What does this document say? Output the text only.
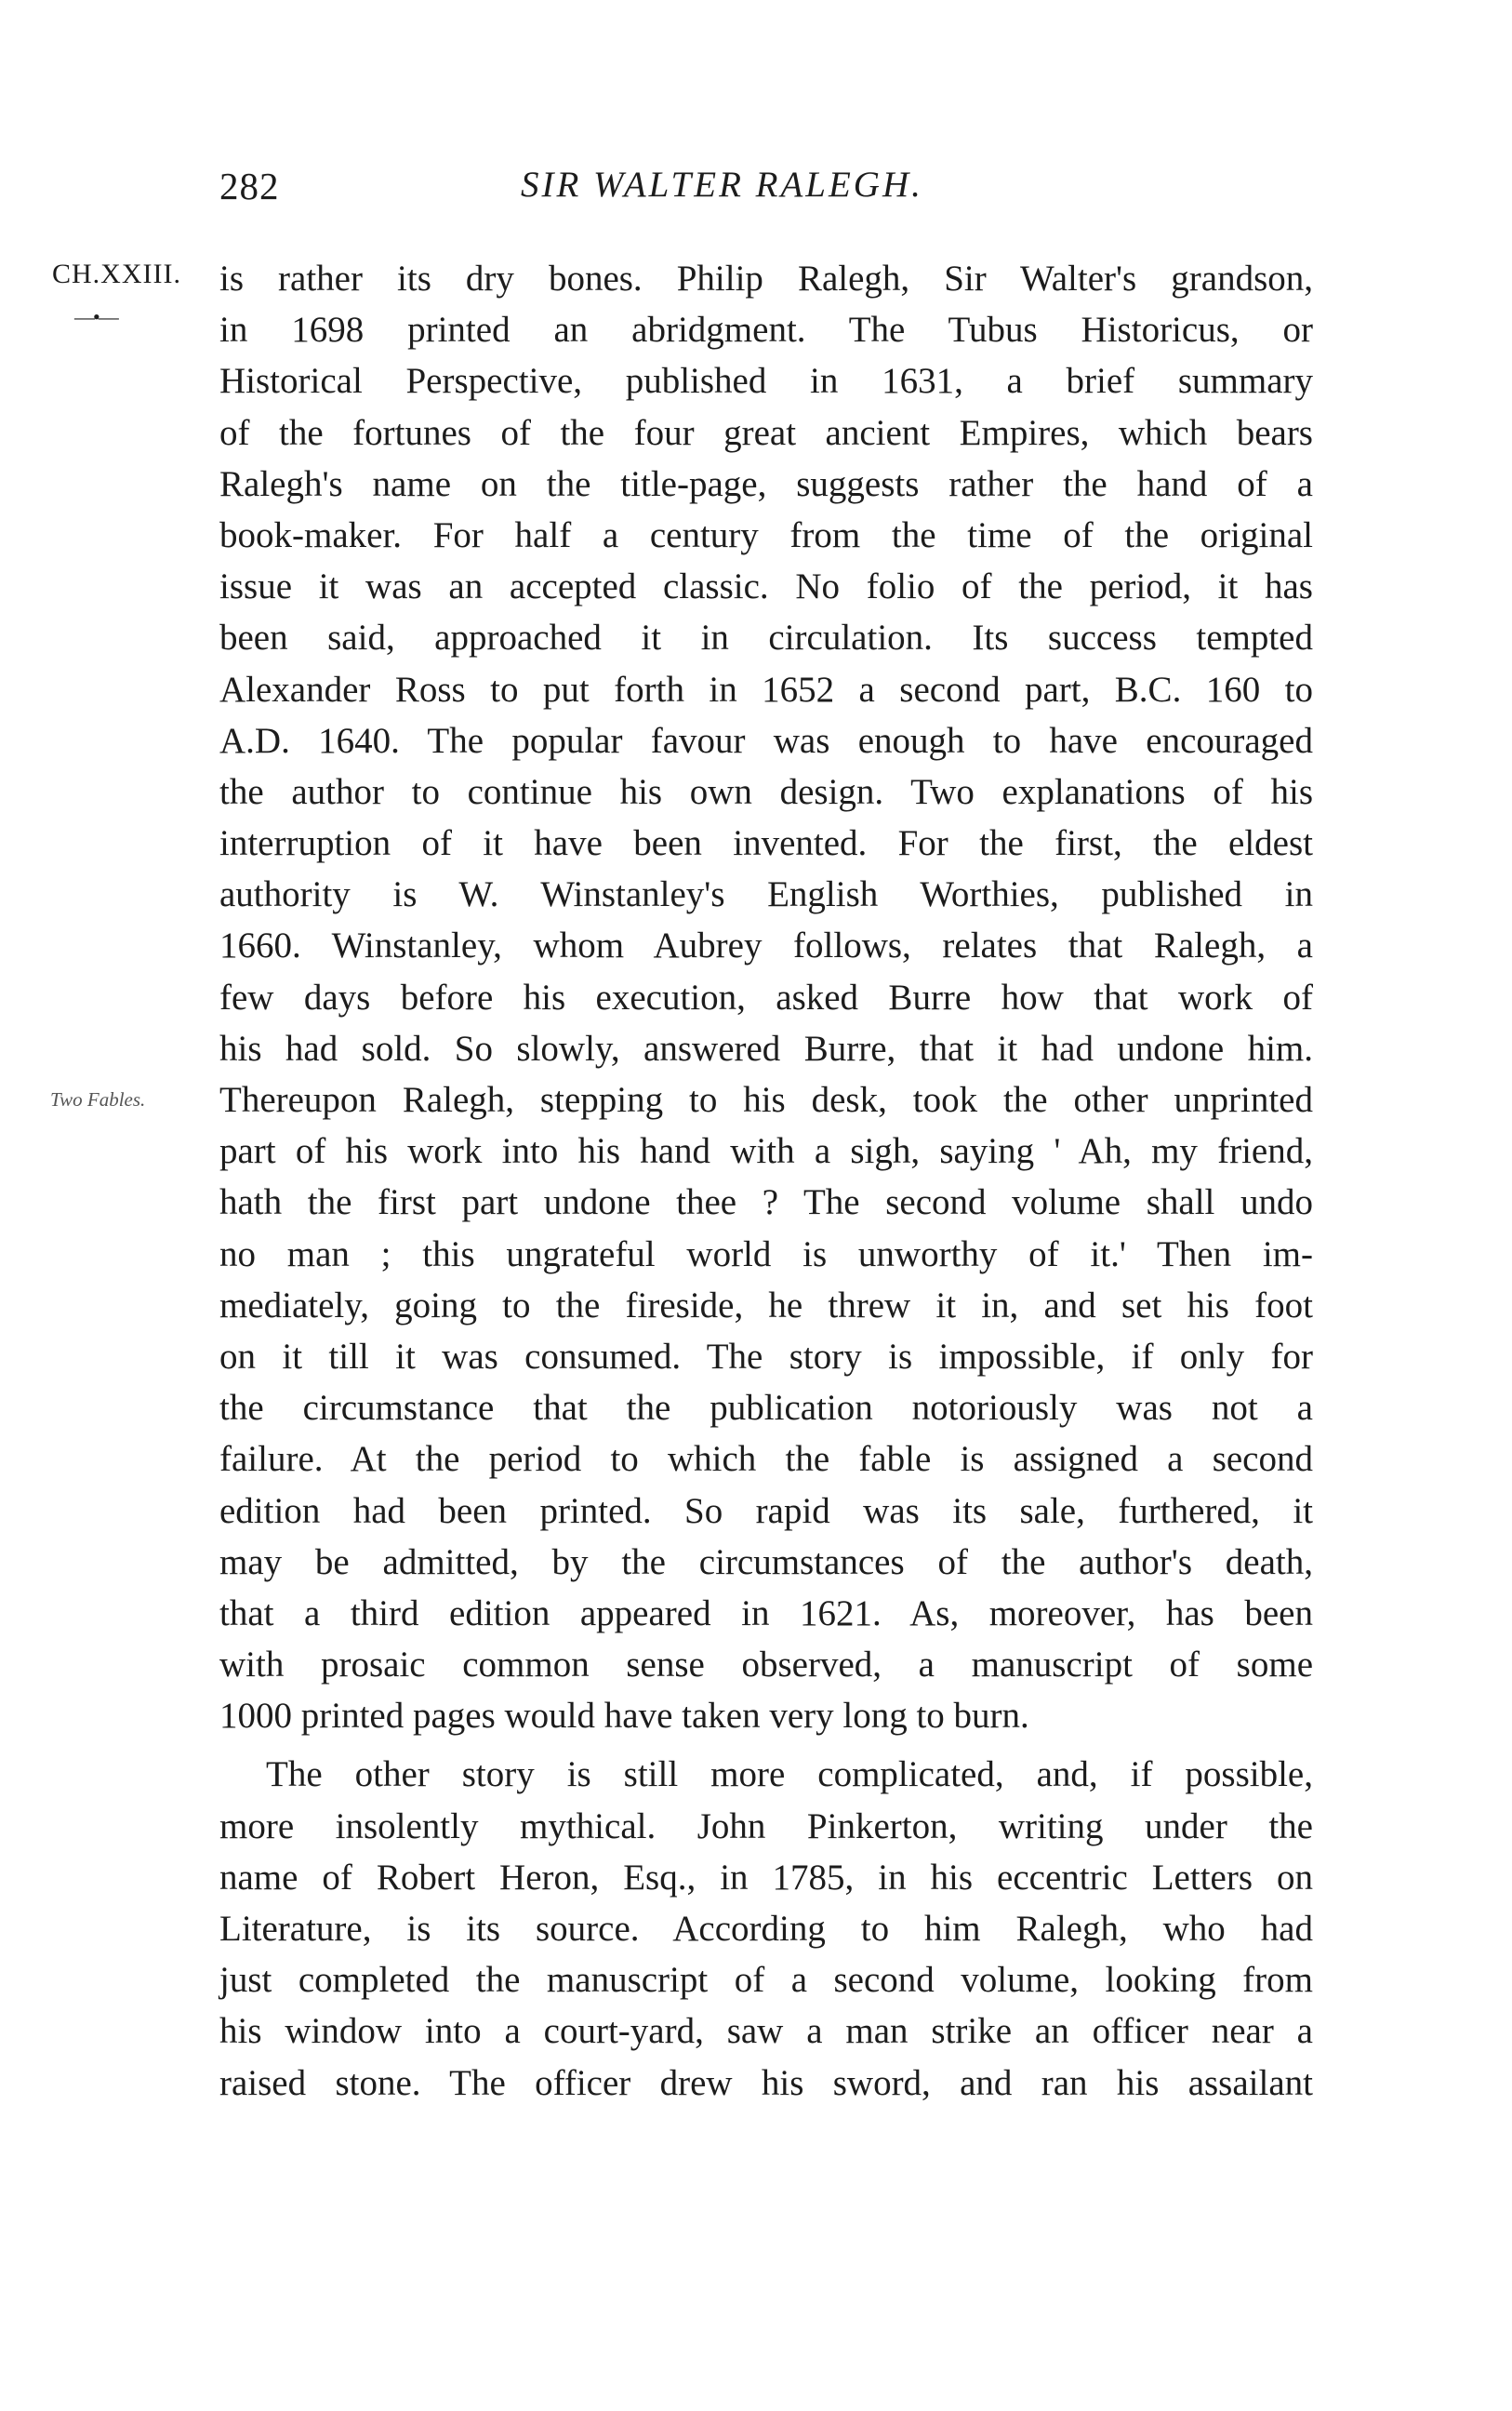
282	SIR WALTER RALEGH.
CH.XXIII.
—•—
Two Fables.
is rather its dry bones. Philip Ralegh, Sir Walter's grandson,
in 1698 printed an abridgment. The Tubus Historicus, or
Historical Perspective, published in 1631, a brief summary
of the fortunes of the four great ancient Empires, which bears
Ralegh's name on the title-page, suggests rather the hand of a
book-maker. For half a century from the time of the original
issue it was an accepted classic. No folio of the period, it has
been said, approached it in circulation. Its success tempted
Alexander Ross to put forth in 1652 a second part, B.C. 160 to
A.D. 1640. The popular favour was enough to have encouraged
the author to continue his own design. Two explanations of his
interruption of it have been invented. For the first, the eldest
authority is W. Winstanley's English Worthies, published in
1660. Winstanley, whom Aubrey follows, relates that Ralegh, a
few days before his execution, asked Burre how that work of
his had sold. So slowly, answered Burre, that it had undone him.
Thereupon Ralegh, stepping to his desk, took the other unprinted
part of his work into his hand with a sigh, saying ' Ah, my friend,
hath the first part undone thee ? The second volume shall undo
no man ; this ungrateful world is unworthy of it.' Then im-
mediately, going to the fireside, he threw it in, and set his foot
on it till it was consumed. The story is impossible, if only for
the circumstance that the publication notoriously was not a
failure. At the period to which the fable is assigned a second
edition had been printed. So rapid was its sale, furthered, it
may be admitted, by the circumstances of the author's death,
that a third edition appeared in 1621. As, moreover, has been
with prosaic common sense observed, a manuscript of some
1000 printed pages would have taken very long to burn.
The other story is still more complicated, and, if possible,
more insolently mythical. John Pinkerton, writing under the
name of Robert Heron, Esq., in 1785, in his eccentric Letters on
Literature, is its source. According to him Ralegh, who had
just completed the manuscript of a second volume, looking from
his window into a court-yard, saw a man strike an officer near a
raised stone. The officer drew his sword, and ran his assailant
